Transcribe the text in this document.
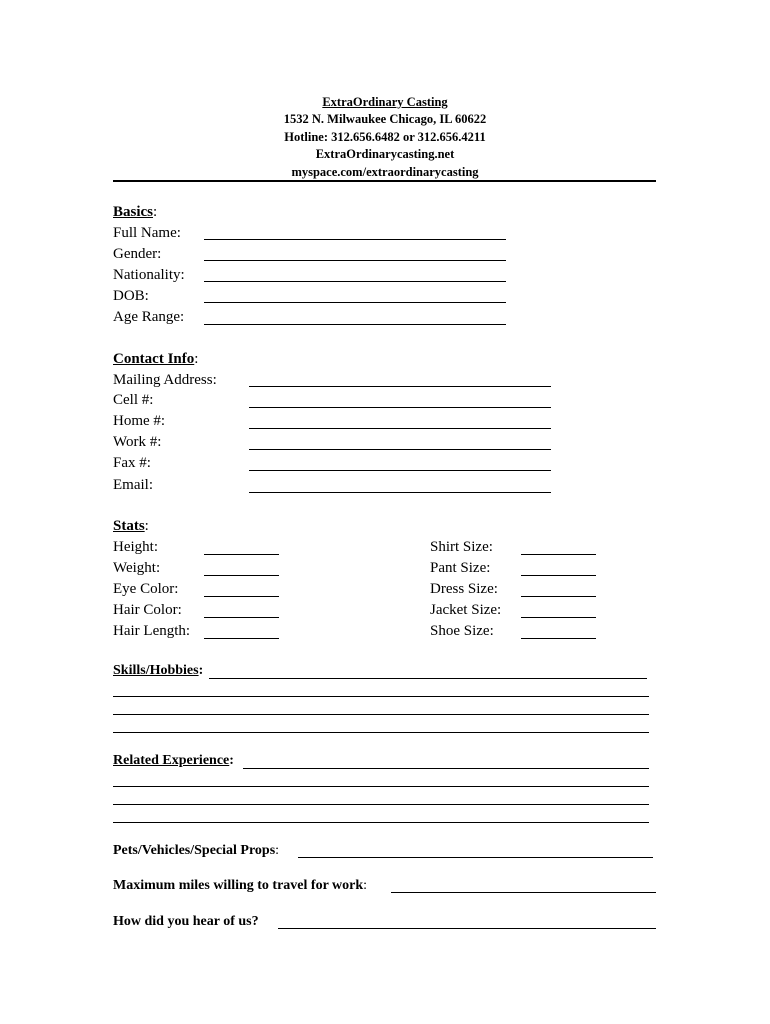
ExtraOrdinary Casting
1532 N. Milwaukee Chicago, IL 60622
Hotline: 312.656.6482 or 312.656.4211
ExtraOrdinarycasting.net
myspace.com/extraordinarycasting
Basics:
Full Name:
Gender:
Nationality:
DOB:
Age Range:
Contact Info:
Mailing Address:
Cell #:
Home #:
Work #:
Fax #:
Email:
Stats:
Height:
Weight:
Eye Color:
Hair Color:
Hair Length:
Shirt Size:
Pant Size:
Dress Size:
Jacket Size:
Shoe Size:
Skills/Hobbies:
Related Experience:
Pets/Vehicles/Special Props:
Maximum miles willing to travel for work:
How did you hear of us?
